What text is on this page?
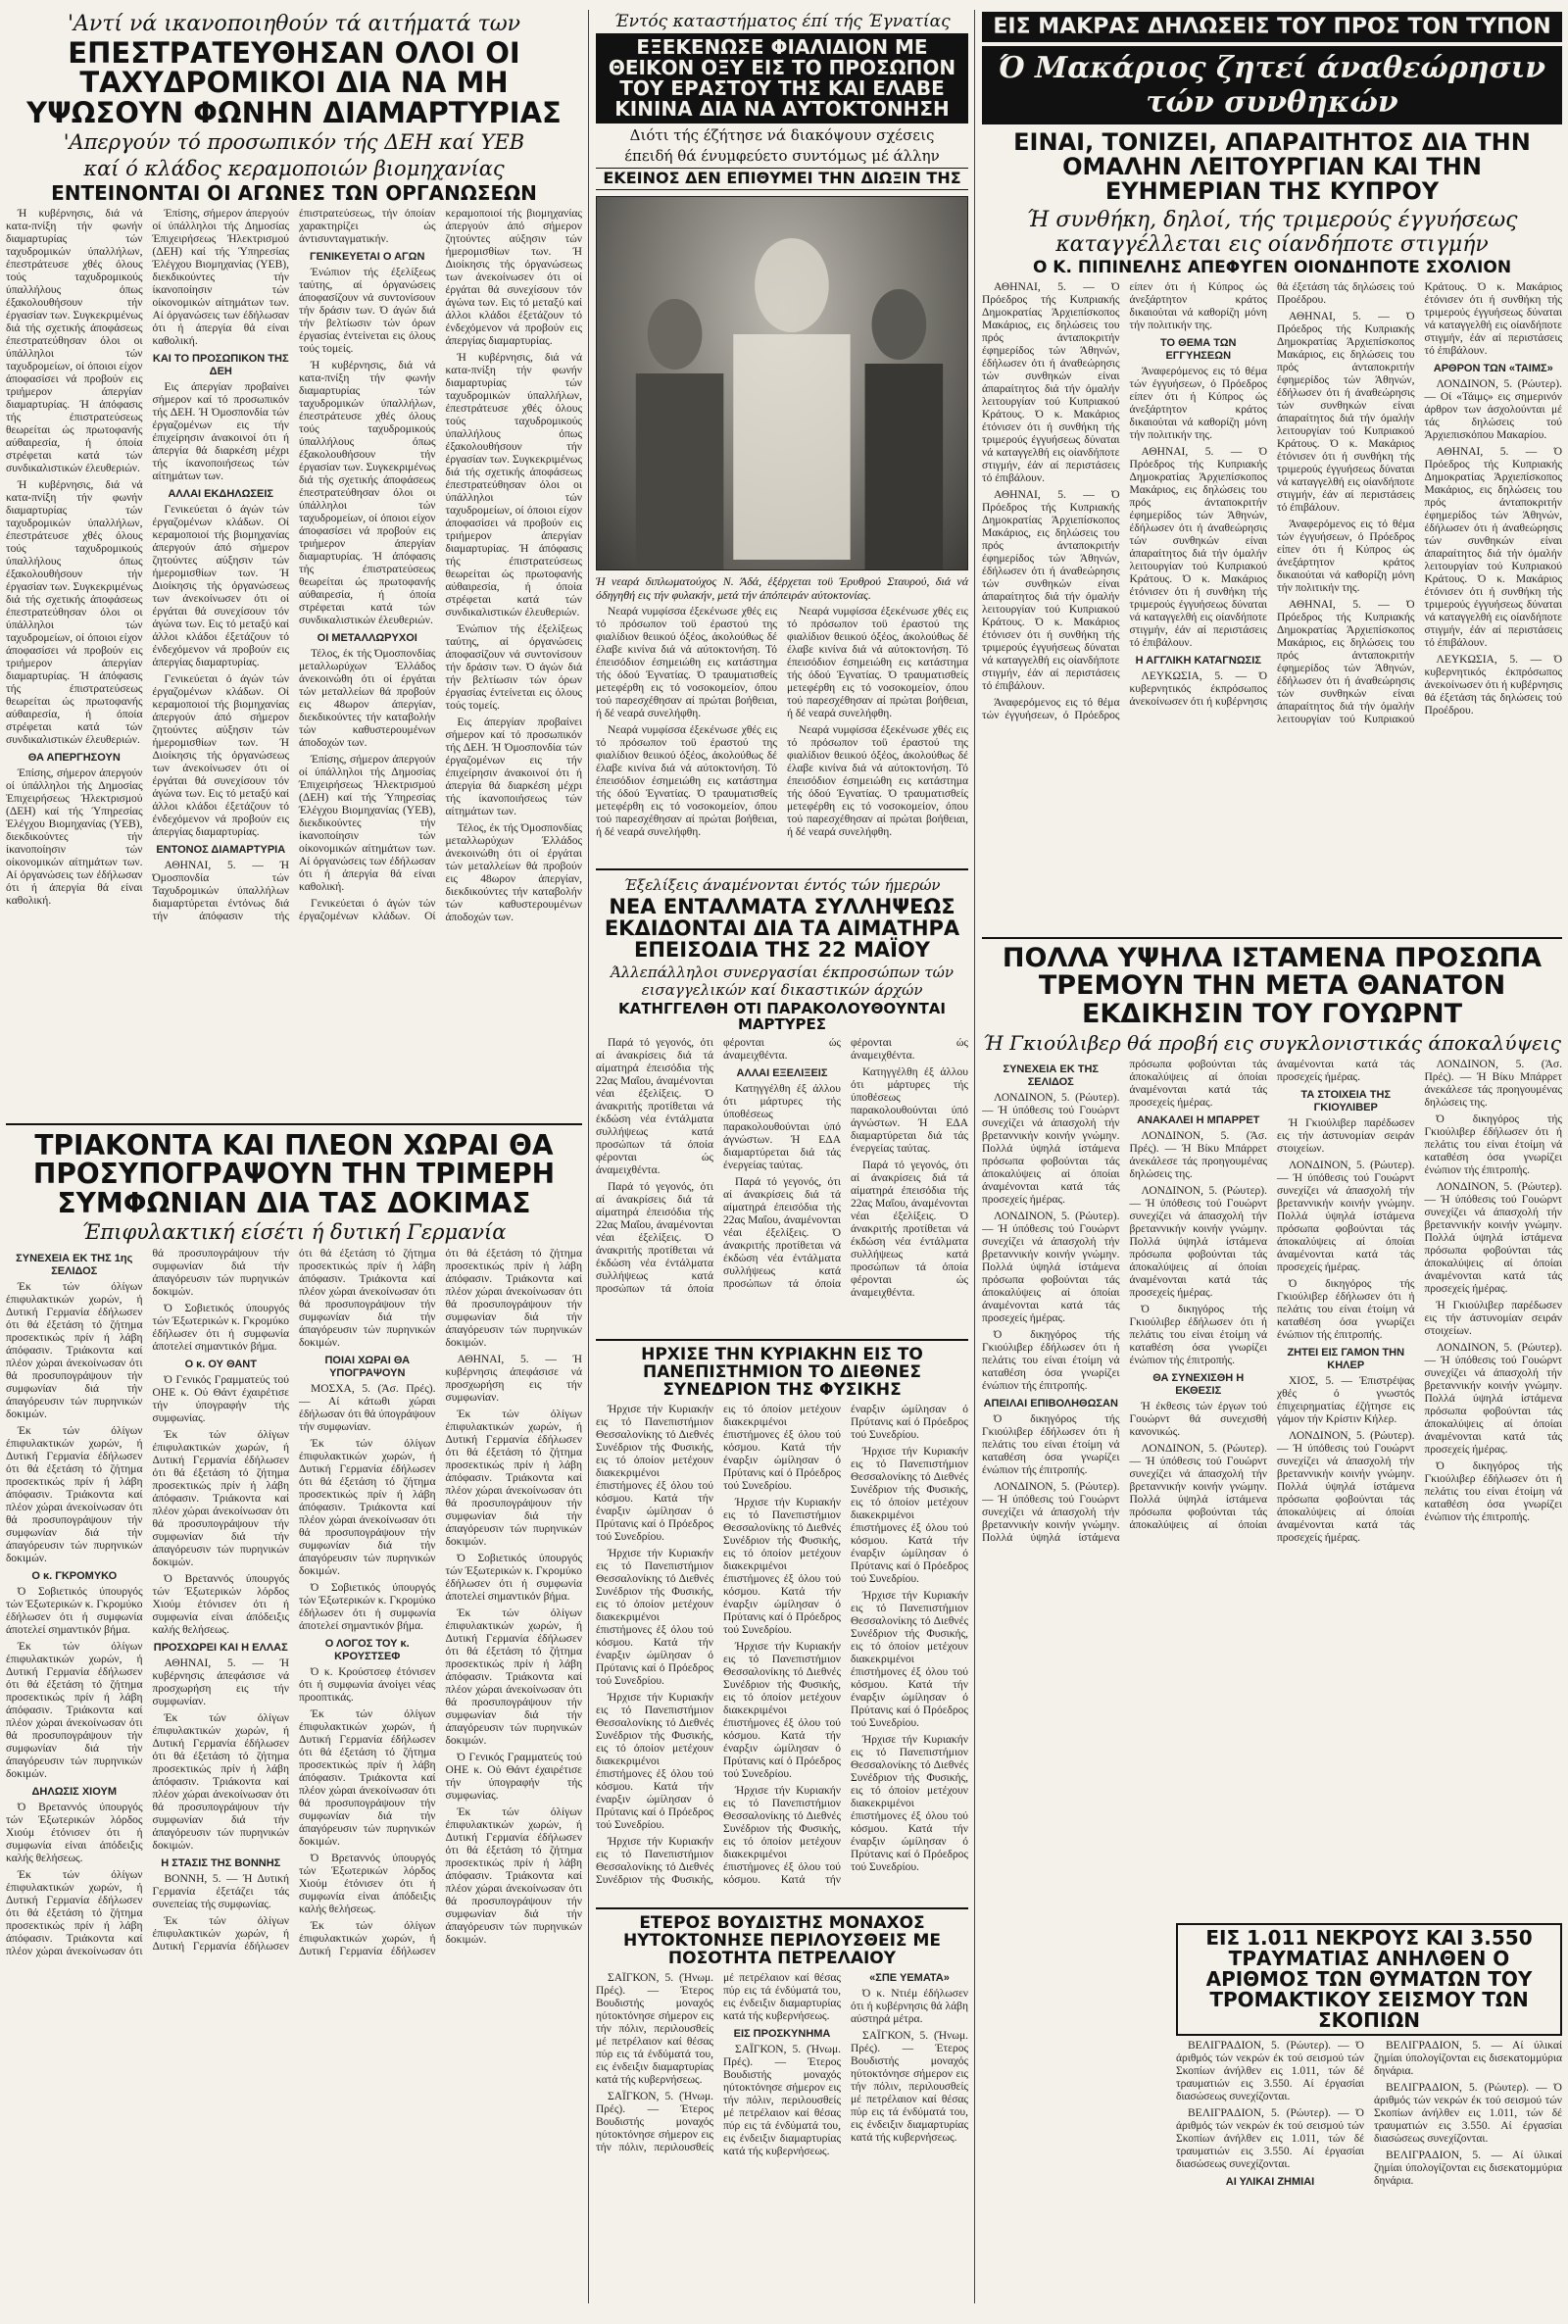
'Αντί νά ικανοποιηθούν τά αιτήματά των
ΕΠΕΣΤΡΑΤΕΥΘΗΣΑΝ ΟΛΟΙ ΟΙ ΤΑΧΥΔΡΟΜΙΚΟΙ ΔΙΑ ΝΑ ΜΗ ΥΨΩΣΟΥΝ ΦΩΝΗΝ ΔΙΑΜΑΡΤΥΡΙΑΣ
'Απεργούν τό προσωπικόν τής ΔΕΗ καί ΥΕΒ
καί ό κλάδος κεραμοποιών βιομηχανίας
ΕΝΤΕΙΝΟΝΤΑΙ ΟΙ ΑΓΩΝΕΣ ΤΩΝ ΟΡΓΑΝΩΣΕΩΝ

Ή κυβέρνησις, διά νά κατα-πνίξη τήν φωνήν διαμαρτυρίας τών ταχυδρομικών ύπαλλήλων, έπεστράτευσε χθές όλους τούς ταχυδρομικούς ύπαλλήλους όπως έξακολουθήσουν τήν έργασίαν των. Συγκεκριμένως διά τής σχετικής άποφάσεως έπεστρατεύθησαν όλοι οι ύπάλληλοι τών ταχυδρομείων, οί όποιοι είχον άποφασίσει νά προβούν εις τριήμερον άπεργίαν διαμαρτυρίας. Ή άπόφασις τής έπιστρατεύσεως θεωρείται ώς πρωτοφανής αύθαιρεσία, ή όποία στρέφεται κατά τών συνδικαλιστικών έλευθεριών.

Ή κυβέρνησις, διά νά κατα-πνίξη τήν φωνήν διαμαρτυρίας τών ταχυδρομικών ύπαλλήλων, έπεστράτευσε χθές όλους τούς ταχυδρομικούς ύπαλλήλους όπως έξακολουθήσουν τήν έργασίαν των. Συγκεκριμένως διά τής σχετικής άποφάσεως έπεστρατεύθησαν όλοι οι ύπάλληλοι τών ταχυδρομείων, οί όποιοι είχον άποφασίσει νά προβούν εις τριήμερον άπεργίαν διαμαρτυρίας. Ή άπόφασις τής έπιστρατεύσεως θεωρείται ώς πρωτοφανής αύθαιρεσία, ή όποία στρέφεται κατά τών συνδικαλιστικών έλευθεριών.

ΘΑ ΑΠΕΡΓΗΣΟΥΝ

Έπίσης, σήμερον άπεργούν οί ύπάλληλοι τής Δημοσίας Έπιχειρήσεως Ήλεκτρισμού (ΔΕΗ) καί τής Ύπηρεσίας Έλέγχου Βιομηχανίας (ΥΕΒ), διεκδικούντες τήν ίκανοποίησιν τών οίκονομικών αίτημάτων των. Αί όργανώσεις των έδήλωσαν ότι ή άπεργία θά είναι καθολική.

Έπίσης, σήμερον άπεργούν οί ύπάλληλοι τής Δημοσίας Έπιχειρήσεως Ήλεκτρισμού (ΔΕΗ) καί τής Ύπηρεσίας Έλέγχου Βιομηχανίας (ΥΕΒ), διεκδικούντες τήν ίκανοποίησιν τών οίκονομικών αίτημάτων των. Αί όργανώσεις των έδήλωσαν ότι ή άπεργία θά είναι καθολική.

ΚΑΙ ΤΟ ΠΡΟΣΩΠΙΚΟΝ ΤΗΣ ΔΕΗ

Εις άπεργίαν προβαίνει σήμερον καί τό προσωπικόν τής ΔΕΗ. Ή Όμοσπονδία τών έργαζομένων εις τήν έπιχείρησιν άνακοινοί ότι ή άπεργία θά διαρκέση μέχρι τής ίκανοποιήσεως τών αίτημάτων των.

ΑΛΛΑΙ ΕΚΔΗΛΩΣΕΙΣ

Γενικεύεται ό άγών τών έργαζομένων κλάδων. Οί κεραμοποιοί τής βιομηχανίας άπεργούν άπό σήμερον ζητούντες αύξησιν τών ήμερομισθίων των. Ή Διοίκησις τής όργανώσεως των άνεκοίνωσεν ότι οί έργάται θά συνεχίσουν τόν άγώνα των. Εις τό μεταξύ καί άλλοι κλάδοι έξετάζουν τό ένδεχόμενον νά προβούν εις άπεργίας διαμαρτυρίας.

Γενικεύεται ό άγών τών έργαζομένων κλάδων. Οί κεραμοποιοί τής βιομηχανίας άπεργούν άπό σήμερον ζητούντες αύξησιν τών ήμερομισθίων των. Ή Διοίκησις τής όργανώσεως των άνεκοίνωσεν ότι οί έργάται θά συνεχίσουν τόν άγώνα των. Εις τό μεταξύ καί άλλοι κλάδοι έξετάζουν τό ένδεχόμενον νά προβούν εις άπεργίας διαμαρτυρίας.

ΕΝΤΟΝΟΣ ΔΙΑΜΑΡΤΥΡΙΑ

ΑΘΗΝΑΙ, 5. — Ή Όμοσπονδία τών Ταχυδρομικών ύπαλλήλων διαμαρτύρεται έντόνως διά τήν άπόφασιν τής έπιστρατεύσεως, τήν όποίαν χαρακτηρίζει ώς άντισυνταγματικήν.

ΓΕΝΙΚΕΥΕΤΑΙ Ο ΑΓΩΝ

Ένώπιον τής έξελίξεως ταύτης, αί όργανώσεις άποφασίζουν νά συντονίσουν τήν δράσιν των. Ό άγών διά τήν βελτίωσιν τών όρων έργασίας έντείνεται εις όλους τούς τομείς.

Ή κυβέρνησις, διά νά κατα-πνίξη τήν φωνήν διαμαρτυρίας τών ταχυδρομικών ύπαλλήλων, έπεστράτευσε χθές όλους τούς ταχυδρομικούς ύπαλλήλους όπως έξακολουθήσουν τήν έργασίαν των. Συγκεκριμένως διά τής σχετικής άποφάσεως έπεστρατεύθησαν όλοι οι ύπάλληλοι τών ταχυδρομείων, οί όποιοι είχον άποφασίσει νά προβούν εις τριήμερον άπεργίαν διαμαρτυρίας. Ή άπόφασις τής έπιστρατεύσεως θεωρείται ώς πρωτοφανής αύθαιρεσία, ή όποία στρέφεται κατά τών συνδικαλιστικών έλευθεριών.

ΟΙ ΜΕΤΑΛΛΩΡΥΧΟΙ

Τέλος, έκ τής Όμοσπονδίας μεταλλωρύχων Έλλάδος άνεκοινώθη ότι οί έργάται τών μεταλλείων θά προβούν εις 48ωρον άπεργίαν, διεκδικούντες τήν καταβολήν τών καθυστερουμένων άποδοχών των.

Έπίσης, σήμερον άπεργούν οί ύπάλληλοι τής Δημοσίας Έπιχειρήσεως Ήλεκτρισμού (ΔΕΗ) καί τής Ύπηρεσίας Έλέγχου Βιομηχανίας (ΥΕΒ), διεκδικούντες τήν ίκανοποίησιν τών οίκονομικών αίτημάτων των. Αί όργανώσεις των έδήλωσαν ότι ή άπεργία θά είναι καθολική.

Γενικεύεται ό άγών τών έργαζομένων κλάδων. Οί κεραμοποιοί τής βιομηχανίας άπεργούν άπό σήμερον ζητούντες αύξησιν τών ήμερομισθίων των. Ή Διοίκησις τής όργανώσεως των άνεκοίνωσεν ότι οί έργάται θά συνεχίσουν τόν άγώνα των. Εις τό μεταξύ καί άλλοι κλάδοι έξετάζουν τό ένδεχόμενον νά προβούν εις άπεργίας διαμαρτυρίας.

Ή κυβέρνησις, διά νά κατα-πνίξη τήν φωνήν διαμαρτυρίας τών ταχυδρομικών ύπαλλήλων, έπεστράτευσε χθές όλους τούς ταχυδρομικούς ύπαλλήλους όπως έξακολουθήσουν τήν έργασίαν των. Συγκεκριμένως διά τής σχετικής άποφάσεως έπεστρατεύθησαν όλοι οι ύπάλληλοι τών ταχυδρομείων, οί όποιοι είχον άποφασίσει νά προβούν εις τριήμερον άπεργίαν διαμαρτυρίας. Ή άπόφασις τής έπιστρατεύσεως θεωρείται ώς πρωτοφανής αύθαιρεσία, ή όποία στρέφεται κατά τών συνδικαλιστικών έλευθεριών.

Ένώπιον τής έξελίξεως ταύτης, αί όργανώσεις άποφασίζουν νά συντονίσουν τήν δράσιν των. Ό άγών διά τήν βελτίωσιν τών όρων έργασίας έντείνεται εις όλους τούς τομείς.

Εις άπεργίαν προβαίνει σήμερον καί τό προσωπικόν τής ΔΕΗ. Ή Όμοσπονδία τών έργαζομένων εις τήν έπιχείρησιν άνακοινοί ότι ή άπεργία θά διαρκέση μέχρι τής ίκανοποιήσεως τών αίτημάτων των.

Τέλος, έκ τής Όμοσπονδίας μεταλλωρύχων Έλλάδος άνεκοινώθη ότι οί έργάται τών μεταλλείων θά προβούν εις 48ωρον άπεργίαν, διεκδικούντες τήν καταβολήν τών καθυστερουμένων άποδοχών των.

Έντός καταστήματος έπί τής Έγνατίας
ΕΞΕΚΕΝΩΣΕ ΦΙΑΛΙΔΙΟΝ ΜΕ ΘΕΙΚΟΝ ΟΞΥ ΕΙΣ ΤΟ ΠΡΟΣΩΠΟΝ ΤΟΥ ΕΡΑΣΤΟΥ ΤΗΣ ΚΑΙ ΕΛΑΒΕ ΚΙΝΙΝΑ ΔΙΑ ΝΑ ΑΥΤΟΚΤΟΝΗΣΗ
Διότι τής έζήτησε νά διακόψουν σχέσεις
έπειδή θά ένυμφεύετο συντόμως μέ άλλην
ΕΚΕΙΝΟΣ ΔΕΝ ΕΠΙΘΥΜΕΙ ΤΗΝ ΔΙΩΞΙΝ ΤΗΣ
Ή νεαρά διπλωματούχος Ν. Άδά, έξέρχεται τοϋ Έρυθρού Σταυρού, διά νά όδηγηθή εις τήν φυλακήν, μετά τήν άπόπειράν αύτοκτονίας.

Νεαρά νυμφίσσα έξεκένωσε χθές εις τό πρόσωπον τοϋ έραστού της φιαλίδιον θειικού όξέος, άκολούθως δέ έλαβε κινίνα διά νά αύτοκτονήση. Τό έπεισόδιον έσημειώθη εις κατάστημα τής όδού Έγνατίας. Ό τραυματισθείς μετεφέρθη εις τό νοσοκομείον, όπου τού παρεσχέθησαν αί πρώται βοήθειαι, ή δέ νεαρά συνελήφθη.

Νεαρά νυμφίσσα έξεκένωσε χθές εις τό πρόσωπον τοϋ έραστού της φιαλίδιον θειικού όξέος, άκολούθως δέ έλαβε κινίνα διά νά αύτοκτονήση. Τό έπεισόδιον έσημειώθη εις κατάστημα τής όδού Έγνατίας. Ό τραυματισθείς μετεφέρθη εις τό νοσοκομείον, όπου τού παρεσχέθησαν αί πρώται βοήθειαι, ή δέ νεαρά συνελήφθη.

Νεαρά νυμφίσσα έξεκένωσε χθές εις τό πρόσωπον τοϋ έραστού της φιαλίδιον θειικού όξέος, άκολούθως δέ έλαβε κινίνα διά νά αύτοκτονήση. Τό έπεισόδιον έσημειώθη εις κατάστημα τής όδού Έγνατίας. Ό τραυματισθείς μετεφέρθη εις τό νοσοκομείον, όπου τού παρεσχέθησαν αί πρώται βοήθειαι, ή δέ νεαρά συνελήφθη.

Νεαρά νυμφίσσα έξεκένωσε χθές εις τό πρόσωπον τοϋ έραστού της φιαλίδιον θειικού όξέος, άκολούθως δέ έλαβε κινίνα διά νά αύτοκτονήση. Τό έπεισόδιον έσημειώθη εις κατάστημα τής όδού Έγνατίας. Ό τραυματισθείς μετεφέρθη εις τό νοσοκομείον, όπου τού παρεσχέθησαν αί πρώται βοήθειαι, ή δέ νεαρά συνελήφθη.

ΕΙΣ ΜΑΚΡΑΣ ΔΗΛΩΣΕΙΣ ΤΟΥ ΠΡΟΣ ΤΟΝ ΤΥΠΟΝ
Ό Μακάριος ζητεί άναθεώρησιν τών συνθηκών
ΕΙΝΑΙ, ΤΟΝΙΖΕΙ, ΑΠΑΡΑΙΤΗΤΟΣ ΔΙΑ ΤΗΝ ΟΜΑΛΗΝ ΛΕΙΤΟΥΡΓΙΑΝ ΚΑΙ ΤΗΝ ΕΥΗΜΕΡΙΑΝ ΤΗΣ ΚΥΠΡΟΥ
Ή συνθήκη, δηλοί, τής τριμερούς έγγυήσεως καταγγέλλεται εις οίανδήποτε στιγμήν
Ο Κ. ΠΙΠΙΝΕΛΗΣ ΑΠΕΦΥΓΕΝ ΟΙΟΝΔΗΠΟΤΕ ΣΧΟΛΙΟΝ

ΑΘΗΝΑΙ, 5. — Ό Πρόεδρος τής Κυπριακής Δημοκρατίας Άρχιεπίσκοπος Μακάριος, εις δηλώσεις του πρός άνταποκριτήν έφημερίδος τών Άθηνών, έδήλωσεν ότι ή άναθεώρησις τών συνθηκών είναι άπαραίτητος διά τήν όμαλήν λειτουργίαν τού Κυπριακού Κράτους. Ό κ. Μακάριος έτόνισεν ότι ή συνθήκη τής τριμερούς έγγυήσεως δύναται νά καταγγελθή εις οίανδήποτε στιγμήν, έάν αί περιστάσεις τό έπιβάλουν.

ΑΘΗΝΑΙ, 5. — Ό Πρόεδρος τής Κυπριακής Δημοκρατίας Άρχιεπίσκοπος Μακάριος, εις δηλώσεις του πρός άνταποκριτήν έφημερίδος τών Άθηνών, έδήλωσεν ότι ή άναθεώρησις τών συνθηκών είναι άπαραίτητος διά τήν όμαλήν λειτουργίαν τού Κυπριακού Κράτους. Ό κ. Μακάριος έτόνισεν ότι ή συνθήκη τής τριμερούς έγγυήσεως δύναται νά καταγγελθή εις οίανδήποτε στιγμήν, έάν αί περιστάσεις τό έπιβάλουν.

Άναφερόμενος εις τό θέμα τών έγγυήσεων, ό Πρόεδρος είπεν ότι ή Κύπρος ώς άνεξάρτητον κράτος δικαιούται νά καθορίζη μόνη τήν πολιτικήν της.

ΤΟ ΘΕΜΑ ΤΩΝ ΕΓΓΥΗΣΕΩΝ

Άναφερόμενος εις τό θέμα τών έγγυήσεων, ό Πρόεδρος είπεν ότι ή Κύπρος ώς άνεξάρτητον κράτος δικαιούται νά καθορίζη μόνη τήν πολιτικήν της.

ΑΘΗΝΑΙ, 5. — Ό Πρόεδρος τής Κυπριακής Δημοκρατίας Άρχιεπίσκοπος Μακάριος, εις δηλώσεις του πρός άνταποκριτήν έφημερίδος τών Άθηνών, έδήλωσεν ότι ή άναθεώρησις τών συνθηκών είναι άπαραίτητος διά τήν όμαλήν λειτουργίαν τού Κυπριακού Κράτους. Ό κ. Μακάριος έτόνισεν ότι ή συνθήκη τής τριμερούς έγγυήσεως δύναται νά καταγγελθή εις οίανδήποτε στιγμήν, έάν αί περιστάσεις τό έπιβάλουν.

Η ΑΓΓΛΙΚΗ ΚΑΤΑΓΝΩΣΙΣ

ΛΕΥΚΩΣΙΑ, 5. — Ό κυβερνητικός έκπρόσωπος άνεκοίνωσεν ότι ή κυβέρνησις θά έξετάση τάς δηλώσεις τού Προέδρου.

ΑΘΗΝΑΙ, 5. — Ό Πρόεδρος τής Κυπριακής Δημοκρατίας Άρχιεπίσκοπος Μακάριος, εις δηλώσεις του πρός άνταποκριτήν έφημερίδος τών Άθηνών, έδήλωσεν ότι ή άναθεώρησις τών συνθηκών είναι άπαραίτητος διά τήν όμαλήν λειτουργίαν τού Κυπριακού Κράτους. Ό κ. Μακάριος έτόνισεν ότι ή συνθήκη τής τριμερούς έγγυήσεως δύναται νά καταγγελθή εις οίανδήποτε στιγμήν, έάν αί περιστάσεις τό έπιβάλουν.

Άναφερόμενος εις τό θέμα τών έγγυήσεων, ό Πρόεδρος είπεν ότι ή Κύπρος ώς άνεξάρτητον κράτος δικαιούται νά καθορίζη μόνη τήν πολιτικήν της.

ΑΘΗΝΑΙ, 5. — Ό Πρόεδρος τής Κυπριακής Δημοκρατίας Άρχιεπίσκοπος Μακάριος, εις δηλώσεις του πρός άνταποκριτήν έφημερίδος τών Άθηνών, έδήλωσεν ότι ή άναθεώρησις τών συνθηκών είναι άπαραίτητος διά τήν όμαλήν λειτουργίαν τού Κυπριακού Κράτους. Ό κ. Μακάριος έτόνισεν ότι ή συνθήκη τής τριμερούς έγγυήσεως δύναται νά καταγγελθή εις οίανδήποτε στιγμήν, έάν αί περιστάσεις τό έπιβάλουν.

ΑΡΘΡΟΝ ΤΩΝ «ΤΑΙΜΣ»

ΛΟΝΔΙΝΟΝ, 5. (Ρώυτερ). — Οί «Τάιμς» εις σημερινόν άρθρον των άσχολούνται μέ τάς δηλώσεις τού Άρχιεπισκόπου Μακαρίου.

ΑΘΗΝΑΙ, 5. — Ό Πρόεδρος τής Κυπριακής Δημοκρατίας Άρχιεπίσκοπος Μακάριος, εις δηλώσεις του πρός άνταποκριτήν έφημερίδος τών Άθηνών, έδήλωσεν ότι ή άναθεώρησις τών συνθηκών είναι άπαραίτητος διά τήν όμαλήν λειτουργίαν τού Κυπριακού Κράτους. Ό κ. Μακάριος έτόνισεν ότι ή συνθήκη τής τριμερούς έγγυήσεως δύναται νά καταγγελθή εις οίανδήποτε στιγμήν, έάν αί περιστάσεις τό έπιβάλουν.

ΛΕΥΚΩΣΙΑ, 5. — Ό κυβερνητικός έκπρόσωπος άνεκοίνωσεν ότι ή κυβέρνησις θά έξετάση τάς δηλώσεις τού Προέδρου.

ΠΟΛΛΑ ΥΨΗΛΑ ΙΣΤΑΜΕΝΑ ΠΡΟΣΩΠΑ ΤΡΕΜΟΥΝ ΤΗΝ ΜΕΤΑ ΘΑΝΑΤΟΝ ΕΚΔΙΚΗΣΙΝ ΤΟΥ ΓΟΥΩΡΝΤ
Ή Γκιούλιβερ θά προβή εις συγκλονιστικάς άποκαλύψεις
ΣΥΝΕΧΕΙΑ ΕΚ ΤΗΣ ΣΕΛΙΔΟΣ

ΛΟΝΔΙΝΟΝ, 5. (Ρώυτερ). — Ή ύπόθεσις τού Γουώρντ συνεχίζει νά άπασχολή τήν βρεταννικήν κοινήν γνώμην. Πολλά ύψηλά ίστάμενα πρόσωπα φοβούνται τάς άποκαλύψεις αί όποίαι άναμένονται κατά τάς προσεχείς ήμέρας.

ΛΟΝΔΙΝΟΝ, 5. (Ρώυτερ). — Ή ύπόθεσις τού Γουώρντ συνεχίζει νά άπασχολή τήν βρεταννικήν κοινήν γνώμην. Πολλά ύψηλά ίστάμενα πρόσωπα φοβούνται τάς άποκαλύψεις αί όποίαι άναμένονται κατά τάς προσεχείς ήμέρας.

Ό δικηγόρος τής Γκιούλιβερ έδήλωσεν ότι ή πελάτις του είναι έτοίμη νά καταθέση όσα γνωρίζει ένώπιον τής έπιτροπής.

ΑΠΕΙΛΑΙ ΕΠΙΒΟΛΗΘΩΣΑΝ

Ό δικηγόρος τής Γκιούλιβερ έδήλωσεν ότι ή πελάτις του είναι έτοίμη νά καταθέση όσα γνωρίζει ένώπιον τής έπιτροπής.

ΛΟΝΔΙΝΟΝ, 5. (Ρώυτερ). — Ή ύπόθεσις τού Γουώρντ συνεχίζει νά άπασχολή τήν βρεταννικήν κοινήν γνώμην. Πολλά ύψηλά ίστάμενα πρόσωπα φοβούνται τάς άποκαλύψεις αί όποίαι άναμένονται κατά τάς προσεχείς ήμέρας.

ΑΝΑΚΑΛΕΙ Η ΜΠΑΡΡΕΤ

ΛΟΝΔΙΝΟΝ, 5. (Άσ. Πρές). — Ή Βίκυ Μπάρρετ άνεκάλεσε τάς προηγουμένας δηλώσεις της.

ΛΟΝΔΙΝΟΝ, 5. (Ρώυτερ). — Ή ύπόθεσις τού Γουώρντ συνεχίζει νά άπασχολή τήν βρεταννικήν κοινήν γνώμην. Πολλά ύψηλά ίστάμενα πρόσωπα φοβούνται τάς άποκαλύψεις αί όποίαι άναμένονται κατά τάς προσεχείς ήμέρας.

Ό δικηγόρος τής Γκιούλιβερ έδήλωσεν ότι ή πελάτις του είναι έτοίμη νά καταθέση όσα γνωρίζει ένώπιον τής έπιτροπής.

ΘΑ ΣΥΝΕΧΙΣΘΗ Η ΕΚΘΕΣΙΣ

Ή έκθεσις τών έργων τού Γουώρντ θά συνεχισθή κανονικώς.

ΛΟΝΔΙΝΟΝ, 5. (Ρώυτερ). — Ή ύπόθεσις τού Γουώρντ συνεχίζει νά άπασχολή τήν βρεταννικήν κοινήν γνώμην. Πολλά ύψηλά ίστάμενα πρόσωπα φοβούνται τάς άποκαλύψεις αί όποίαι άναμένονται κατά τάς προσεχείς ήμέρας.

ΤΑ ΣΤΟΙΧΕΙΑ ΤΗΣ ΓΚΙΟΥΛΙΒΕΡ

Ή Γκιούλιβερ παρέδωσεν εις τήν άστυνομίαν σειράν στοιχείων.

ΛΟΝΔΙΝΟΝ, 5. (Ρώυτερ). — Ή ύπόθεσις τού Γουώρντ συνεχίζει νά άπασχολή τήν βρεταννικήν κοινήν γνώμην. Πολλά ύψηλά ίστάμενα πρόσωπα φοβούνται τάς άποκαλύψεις αί όποίαι άναμένονται κατά τάς προσεχείς ήμέρας.

Ό δικηγόρος τής Γκιούλιβερ έδήλωσεν ότι ή πελάτις του είναι έτοίμη νά καταθέση όσα γνωρίζει ένώπιον τής έπιτροπής.

ΖΗΤΕΙ ΕΙΣ ΓΑΜΟΝ ΤΗΝ ΚΗΛΕΡ

ΧΙΟΣ, 5. — Έπιστρέψας χθές ό γνωστός έπιχειρηματίας έζήτησε εις γάμον τήν Κρίστιν Κήλερ.

ΛΟΝΔΙΝΟΝ, 5. (Ρώυτερ). — Ή ύπόθεσις τού Γουώρντ συνεχίζει νά άπασχολή τήν βρεταννικήν κοινήν γνώμην. Πολλά ύψηλά ίστάμενα πρόσωπα φοβούνται τάς άποκαλύψεις αί όποίαι άναμένονται κατά τάς προσεχείς ήμέρας.

ΛΟΝΔΙΝΟΝ, 5. (Άσ. Πρές). — Ή Βίκυ Μπάρρετ άνεκάλεσε τάς προηγουμένας δηλώσεις της.

Ό δικηγόρος τής Γκιούλιβερ έδήλωσεν ότι ή πελάτις του είναι έτοίμη νά καταθέση όσα γνωρίζει ένώπιον τής έπιτροπής.

ΛΟΝΔΙΝΟΝ, 5. (Ρώυτερ). — Ή ύπόθεσις τού Γουώρντ συνεχίζει νά άπασχολή τήν βρεταννικήν κοινήν γνώμην. Πολλά ύψηλά ίστάμενα πρόσωπα φοβούνται τάς άποκαλύψεις αί όποίαι άναμένονται κατά τάς προσεχείς ήμέρας.

Ή Γκιούλιβερ παρέδωσεν εις τήν άστυνομίαν σειράν στοιχείων.

ΛΟΝΔΙΝΟΝ, 5. (Ρώυτερ). — Ή ύπόθεσις τού Γουώρντ συνεχίζει νά άπασχολή τήν βρεταννικήν κοινήν γνώμην. Πολλά ύψηλά ίστάμενα πρόσωπα φοβούνται τάς άποκαλύψεις αί όποίαι άναμένονται κατά τάς προσεχείς ήμέρας.

Ό δικηγόρος τής Γκιούλιβερ έδήλωσεν ότι ή πελάτις του είναι έτοίμη νά καταθέση όσα γνωρίζει ένώπιον τής έπιτροπής.

ΕΙΣ 1.011 ΝΕΚΡΟΥΣ ΚΑΙ 3.550 ΤΡΑΥΜΑΤΙΑΣ ΑΝΗΛΘΕΝ Ο ΑΡΙΘΜΟΣ ΤΩΝ ΘΥΜΑΤΩΝ ΤΟΥ ΤΡΟΜΑΚΤΙΚΟΥ ΣΕΙΣΜΟΥ ΤΩΝ ΣΚΟΠΙΩΝ

ΒΕΛΙΓΡΑΔΙΟΝ, 5. (Ρώυτερ). — Ό άριθμός τών νεκρών έκ τού σεισμού τών Σκοπίων άνήλθεν εις 1.011, τών δέ τραυματιών εις 3.550. Αί έργασίαι διασώσεως συνεχίζονται.

ΒΕΛΙΓΡΑΔΙΟΝ, 5. (Ρώυτερ). — Ό άριθμός τών νεκρών έκ τού σεισμού τών Σκοπίων άνήλθεν εις 1.011, τών δέ τραυματιών εις 3.550. Αί έργασίαι διασώσεως συνεχίζονται.

ΑΙ ΥΛΙΚΑΙ ΖΗΜΙΑΙ

ΒΕΛΙΓΡΑΔΙΟΝ, 5. — Αί ύλικαί ζημίαι ύπολογίζονται εις δισεκατομμύρια δηνάρια.

ΒΕΛΙΓΡΑΔΙΟΝ, 5. (Ρώυτερ). — Ό άριθμός τών νεκρών έκ τού σεισμού τών Σκοπίων άνήλθεν εις 1.011, τών δέ τραυματιών εις 3.550. Αί έργασίαι διασώσεως συνεχίζονται.

ΒΕΛΙΓΡΑΔΙΟΝ, 5. — Αί ύλικαί ζημίαι ύπολογίζονται εις δισεκατομμύρια δηνάρια.

Έξελίξεις άναμένονται έντός τών ήμερών
ΝΕΑ ΕΝΤΑΛΜΑΤΑ ΣΥΛΛΗΨΕΩΣ ΕΚΔΙΔΟΝΤΑΙ ΔΙΑ ΤΑ ΑΙΜΑΤΗΡΑ ΕΠΕΙΣΟΔΙΑ ΤΗΣ 22 ΜΑΪΟΥ
Άλλεπάλληλοι συνεργασίαι έκπροσώπων τών εισαγγελικών καί δικαστικών άρχών
ΚΑΤΗΓΓΕΛΘΗ ΟΤΙ ΠΑΡΑΚΟΛΟΥΘΟΥΝΤΑΙ ΜΑΡΤΥΡΕΣ

Παρά τό γεγονός, ότι αί άνακρίσεις διά τά αίματηρά έπεισόδια τής 22ας Μαΐου, άναμένονται νέαι έξελίξεις. Ό άνακριτής προτίθεται νά έκδώση νέα έντάλματα συλλήψεως κατά προσώπων τά όποία φέρονται ώς άναμειχθέντα.

Παρά τό γεγονός, ότι αί άνακρίσεις διά τά αίματηρά έπεισόδια τής 22ας Μαΐου, άναμένονται νέαι έξελίξεις. Ό άνακριτής προτίθεται νά έκδώση νέα έντάλματα συλλήψεως κατά προσώπων τά όποία φέρονται ώς άναμειχθέντα.

ΑΛΛΑΙ ΕΞΕΛΙΞΕΙΣ

Κατηγγέλθη έξ άλλου ότι μάρτυρες τής ύποθέσεως παρακολουθούνται ύπό άγνώστων. Ή ΕΔΑ διαμαρτύρεται διά τάς ένεργείας ταύτας.

Παρά τό γεγονός, ότι αί άνακρίσεις διά τά αίματηρά έπεισόδια τής 22ας Μαΐου, άναμένονται νέαι έξελίξεις. Ό άνακριτής προτίθεται νά έκδώση νέα έντάλματα συλλήψεως κατά προσώπων τά όποία φέρονται ώς άναμειχθέντα.

Κατηγγέλθη έξ άλλου ότι μάρτυρες τής ύποθέσεως παρακολουθούνται ύπό άγνώστων. Ή ΕΔΑ διαμαρτύρεται διά τάς ένεργείας ταύτας.

Παρά τό γεγονός, ότι αί άνακρίσεις διά τά αίματηρά έπεισόδια τής 22ας Μαΐου, άναμένονται νέαι έξελίξεις. Ό άνακριτής προτίθεται νά έκδώση νέα έντάλματα συλλήψεως κατά προσώπων τά όποία φέρονται ώς άναμειχθέντα.

ΗΡΧΙΣΕ ΤΗΝ ΚΥΡΙΑΚΗΝ ΕΙΣ ΤΟ ΠΑΝΕΠΙΣΤΗΜΙΟΝ ΤΟ ΔΙΕΘΝΕΣ ΣΥΝΕΔΡΙΟΝ ΤΗΣ ΦΥΣΙΚΗΣ

Ήρχισε τήν Κυριακήν εις τό Πανεπιστήμιον Θεσσαλονίκης τό Διεθνές Συνέδριον τής Φυσικής, εις τό όποίον μετέχουν διακεκριμένοι έπιστήμονες έξ όλου τού κόσμου. Κατά τήν έναρξιν ώμίλησαν ό Πρύτανις καί ό Πρόεδρος τού Συνεδρίου.

Ήρχισε τήν Κυριακήν εις τό Πανεπιστήμιον Θεσσαλονίκης τό Διεθνές Συνέδριον τής Φυσικής, εις τό όποίον μετέχουν διακεκριμένοι έπιστήμονες έξ όλου τού κόσμου. Κατά τήν έναρξιν ώμίλησαν ό Πρύτανις καί ό Πρόεδρος τού Συνεδρίου.

Ήρχισε τήν Κυριακήν εις τό Πανεπιστήμιον Θεσσαλονίκης τό Διεθνές Συνέδριον τής Φυσικής, εις τό όποίον μετέχουν διακεκριμένοι έπιστήμονες έξ όλου τού κόσμου. Κατά τήν έναρξιν ώμίλησαν ό Πρύτανις καί ό Πρόεδρος τού Συνεδρίου.

Ήρχισε τήν Κυριακήν εις τό Πανεπιστήμιον Θεσσαλονίκης τό Διεθνές Συνέδριον τής Φυσικής, εις τό όποίον μετέχουν διακεκριμένοι έπιστήμονες έξ όλου τού κόσμου. Κατά τήν έναρξιν ώμίλησαν ό Πρύτανις καί ό Πρόεδρος τού Συνεδρίου.

Ήρχισε τήν Κυριακήν εις τό Πανεπιστήμιον Θεσσαλονίκης τό Διεθνές Συνέδριον τής Φυσικής, εις τό όποίον μετέχουν διακεκριμένοι έπιστήμονες έξ όλου τού κόσμου. Κατά τήν έναρξιν ώμίλησαν ό Πρύτανις καί ό Πρόεδρος τού Συνεδρίου.

Ήρχισε τήν Κυριακήν εις τό Πανεπιστήμιον Θεσσαλονίκης τό Διεθνές Συνέδριον τής Φυσικής, εις τό όποίον μετέχουν διακεκριμένοι έπιστήμονες έξ όλου τού κόσμου. Κατά τήν έναρξιν ώμίλησαν ό Πρύτανις καί ό Πρόεδρος τού Συνεδρίου.

Ήρχισε τήν Κυριακήν εις τό Πανεπιστήμιον Θεσσαλονίκης τό Διεθνές Συνέδριον τής Φυσικής, εις τό όποίον μετέχουν διακεκριμένοι έπιστήμονες έξ όλου τού κόσμου. Κατά τήν έναρξιν ώμίλησαν ό Πρύτανις καί ό Πρόεδρος τού Συνεδρίου.

Ήρχισε τήν Κυριακήν εις τό Πανεπιστήμιον Θεσσαλονίκης τό Διεθνές Συνέδριον τής Φυσικής, εις τό όποίον μετέχουν διακεκριμένοι έπιστήμονες έξ όλου τού κόσμου. Κατά τήν έναρξιν ώμίλησαν ό Πρύτανις καί ό Πρόεδρος τού Συνεδρίου.

Ήρχισε τήν Κυριακήν εις τό Πανεπιστήμιον Θεσσαλονίκης τό Διεθνές Συνέδριον τής Φυσικής, εις τό όποίον μετέχουν διακεκριμένοι έπιστήμονες έξ όλου τού κόσμου. Κατά τήν έναρξιν ώμίλησαν ό Πρύτανις καί ό Πρόεδρος τού Συνεδρίου.

Ήρχισε τήν Κυριακήν εις τό Πανεπιστήμιον Θεσσαλονίκης τό Διεθνές Συνέδριον τής Φυσικής, εις τό όποίον μετέχουν διακεκριμένοι έπιστήμονες έξ όλου τού κόσμου. Κατά τήν έναρξιν ώμίλησαν ό Πρύτανις καί ό Πρόεδρος τού Συνεδρίου.

ΕΤΕΡΟΣ ΒΟΥΔΙΣΤΗΣ ΜΟΝΑΧΟΣ ΗΥΤΟΚΤΟΝΗΣΕ ΠΕΡΙΛΟΥΣΘΕΙΣ ΜΕ ΠΟΣΟΤΗΤΑ ΠΕΤΡΕΛΑΙΟΥ

ΣΑΪΓΚΟΝ, 5. (Ήνωμ. Πρές). — Έτερος Βουδιστής μοναχός ηύτοκτόνησε σήμερον εις τήν πόλιν, περιλουσθείς μέ πετρέλαιον καί θέσας πύρ εις τά ένδύματά του, εις ένδειξιν διαμαρτυρίας κατά τής κυβερνήσεως.

ΣΑΪΓΚΟΝ, 5. (Ήνωμ. Πρές). — Έτερος Βουδιστής μοναχός ηύτοκτόνησε σήμερον εις τήν πόλιν, περιλουσθείς μέ πετρέλαιον καί θέσας πύρ εις τά ένδύματά του, εις ένδειξιν διαμαρτυρίας κατά τής κυβερνήσεως.

ΕΙΣ ΠΡΟΣΚΥΝΗΜΑ

ΣΑΪΓΚΟΝ, 5. (Ήνωμ. Πρές). — Έτερος Βουδιστής μοναχός ηύτοκτόνησε σήμερον εις τήν πόλιν, περιλουσθείς μέ πετρέλαιον καί θέσας πύρ εις τά ένδύματά του, εις ένδειξιν διαμαρτυρίας κατά τής κυβερνήσεως.

«ΣΠΕ ΥΕΜΑΤΑ»

Ό κ. Ντιέμ έδήλωσεν ότι ή κυβέρνησις θά λάβη αύστηρά μέτρα.

ΣΑΪΓΚΟΝ, 5. (Ήνωμ. Πρές). — Έτερος Βουδιστής μοναχός ηύτοκτόνησε σήμερον εις τήν πόλιν, περιλουσθείς μέ πετρέλαιον καί θέσας πύρ εις τά ένδύματά του, εις ένδειξιν διαμαρτυρίας κατά τής κυβερνήσεως.

ΤΡΙΑΚΟΝΤΑ ΚΑΙ ΠΛΕΟΝ ΧΩΡΑΙ ΘΑ ΠΡΟΣΥΠΟΓΡΑΨΟΥΝ ΤΗΝ ΤΡΙΜΕΡΗ ΣΥΜΦΩΝΙΑΝ ΔΙΑ ΤΑΣ ΔΟΚΙΜΑΣ
Έπιφυλακτική είσέτι ή δυτική Γερμανία
ΣΥΝΕΧΕΙΑ ΕΚ ΤΗΣ 1ης ΣΕΛΙΔΟΣ

Έκ τών όλίγων έπιφυλακτικών χωρών, ή Δυτική Γερμανία έδήλωσεν ότι θά έξετάση τό ζήτημα προσεκτικώς πρίν ή λάβη άπόφασιν. Τριάκοντα καί πλέον χώραι άνεκοίνωσαν ότι θά προσυπογράψουν τήν συμφωνίαν διά τήν άπαγόρευσιν τών πυρηνικών δοκιμών.

Έκ τών όλίγων έπιφυλακτικών χωρών, ή Δυτική Γερμανία έδήλωσεν ότι θά έξετάση τό ζήτημα προσεκτικώς πρίν ή λάβη άπόφασιν. Τριάκοντα καί πλέον χώραι άνεκοίνωσαν ότι θά προσυπογράψουν τήν συμφωνίαν διά τήν άπαγόρευσιν τών πυρηνικών δοκιμών.

Ο κ. ΓΚΡΟΜΥΚΟ

Ό Σοβιετικός ύπουργός τών Έξωτερικών κ. Γκρομύκο έδήλωσεν ότι ή συμφωνία άποτελεί σημαντικόν βήμα.

Έκ τών όλίγων έπιφυλακτικών χωρών, ή Δυτική Γερμανία έδήλωσεν ότι θά έξετάση τό ζήτημα προσεκτικώς πρίν ή λάβη άπόφασιν. Τριάκοντα καί πλέον χώραι άνεκοίνωσαν ότι θά προσυπογράψουν τήν συμφωνίαν διά τήν άπαγόρευσιν τών πυρηνικών δοκιμών.

ΔΗΛΩΣΙΣ ΧΙΟΥΜ

Ό Βρεταννός ύπουργός τών Έξωτερικών λόρδος Χιούμ έτόνισεν ότι ή συμφωνία είναι άπόδειξις καλής θελήσεως.

Έκ τών όλίγων έπιφυλακτικών χωρών, ή Δυτική Γερμανία έδήλωσεν ότι θά έξετάση τό ζήτημα προσεκτικώς πρίν ή λάβη άπόφασιν. Τριάκοντα καί πλέον χώραι άνεκοίνωσαν ότι θά προσυπογράψουν τήν συμφωνίαν διά τήν άπαγόρευσιν τών πυρηνικών δοκιμών.

Ό Σοβιετικός ύπουργός τών Έξωτερικών κ. Γκρομύκο έδήλωσεν ότι ή συμφωνία άποτελεί σημαντικόν βήμα.

Ο κ. ΟΥ ΘΑΝΤ

Ό Γενικός Γραμματεύς τού ΟΗΕ κ. Ού Θάντ έχαιρέτισε τήν ύπογραφήν τής συμφωνίας.

Έκ τών όλίγων έπιφυλακτικών χωρών, ή Δυτική Γερμανία έδήλωσεν ότι θά έξετάση τό ζήτημα προσεκτικώς πρίν ή λάβη άπόφασιν. Τριάκοντα καί πλέον χώραι άνεκοίνωσαν ότι θά προσυπογράψουν τήν συμφωνίαν διά τήν άπαγόρευσιν τών πυρηνικών δοκιμών.

Ό Βρεταννός ύπουργός τών Έξωτερικών λόρδος Χιούμ έτόνισεν ότι ή συμφωνία είναι άπόδειξις καλής θελήσεως.

ΠΡΟΣΧΩΡΕΙ ΚΑΙ Η ΕΛΛΑΣ

ΑΘΗΝΑΙ, 5. — Ή κυβέρνησις άπεφάσισε νά προσχωρήση εις τήν συμφωνίαν.

Έκ τών όλίγων έπιφυλακτικών χωρών, ή Δυτική Γερμανία έδήλωσεν ότι θά έξετάση τό ζήτημα προσεκτικώς πρίν ή λάβη άπόφασιν. Τριάκοντα καί πλέον χώραι άνεκοίνωσαν ότι θά προσυπογράψουν τήν συμφωνίαν διά τήν άπαγόρευσιν τών πυρηνικών δοκιμών.

Η ΣΤΑΣΙΣ ΤΗΣ ΒΟΝΝΗΣ

ΒΟΝΝΗ, 5. — Ή Δυτική Γερμανία έξετάζει τάς συνεπείας τής συμφωνίας.

Έκ τών όλίγων έπιφυλακτικών χωρών, ή Δυτική Γερμανία έδήλωσεν ότι θά έξετάση τό ζήτημα προσεκτικώς πρίν ή λάβη άπόφασιν. Τριάκοντα καί πλέον χώραι άνεκοίνωσαν ότι θά προσυπογράψουν τήν συμφωνίαν διά τήν άπαγόρευσιν τών πυρηνικών δοκιμών.

ΠΟΙΑΙ ΧΩΡΑΙ ΘΑ ΥΠΟΓΡΑΨΟΥΝ

ΜΟΣΧΑ, 5. (Άσ. Πρές). — Αί κάτωθι χώραι έδήλωσαν ότι θά ύπογράψουν τήν συμφωνίαν.

Έκ τών όλίγων έπιφυλακτικών χωρών, ή Δυτική Γερμανία έδήλωσεν ότι θά έξετάση τό ζήτημα προσεκτικώς πρίν ή λάβη άπόφασιν. Τριάκοντα καί πλέον χώραι άνεκοίνωσαν ότι θά προσυπογράψουν τήν συμφωνίαν διά τήν άπαγόρευσιν τών πυρηνικών δοκιμών.

Ό Σοβιετικός ύπουργός τών Έξωτερικών κ. Γκρομύκο έδήλωσεν ότι ή συμφωνία άποτελεί σημαντικόν βήμα.

Ο ΛΟΓΟΣ ΤΟΥ κ. ΚΡΟΥΣΤΣΕΦ

Ό κ. Κρούστσεφ έτόνισεν ότι ή συμφωνία άνοίγει νέας προοπτικάς.

Έκ τών όλίγων έπιφυλακτικών χωρών, ή Δυτική Γερμανία έδήλωσεν ότι θά έξετάση τό ζήτημα προσεκτικώς πρίν ή λάβη άπόφασιν. Τριάκοντα καί πλέον χώραι άνεκοίνωσαν ότι θά προσυπογράψουν τήν συμφωνίαν διά τήν άπαγόρευσιν τών πυρηνικών δοκιμών.

Ό Βρεταννός ύπουργός τών Έξωτερικών λόρδος Χιούμ έτόνισεν ότι ή συμφωνία είναι άπόδειξις καλής θελήσεως.

Έκ τών όλίγων έπιφυλακτικών χωρών, ή Δυτική Γερμανία έδήλωσεν ότι θά έξετάση τό ζήτημα προσεκτικώς πρίν ή λάβη άπόφασιν. Τριάκοντα καί πλέον χώραι άνεκοίνωσαν ότι θά προσυπογράψουν τήν συμφωνίαν διά τήν άπαγόρευσιν τών πυρηνικών δοκιμών.

ΑΘΗΝΑΙ, 5. — Ή κυβέρνησις άπεφάσισε νά προσχωρήση εις τήν συμφωνίαν.

Έκ τών όλίγων έπιφυλακτικών χωρών, ή Δυτική Γερμανία έδήλωσεν ότι θά έξετάση τό ζήτημα προσεκτικώς πρίν ή λάβη άπόφασιν. Τριάκοντα καί πλέον χώραι άνεκοίνωσαν ότι θά προσυπογράψουν τήν συμφωνίαν διά τήν άπαγόρευσιν τών πυρηνικών δοκιμών.

Ό Σοβιετικός ύπουργός τών Έξωτερικών κ. Γκρομύκο έδήλωσεν ότι ή συμφωνία άποτελεί σημαντικόν βήμα.

Έκ τών όλίγων έπιφυλακτικών χωρών, ή Δυτική Γερμανία έδήλωσεν ότι θά έξετάση τό ζήτημα προσεκτικώς πρίν ή λάβη άπόφασιν. Τριάκοντα καί πλέον χώραι άνεκοίνωσαν ότι θά προσυπογράψουν τήν συμφωνίαν διά τήν άπαγόρευσιν τών πυρηνικών δοκιμών.

Ό Γενικός Γραμματεύς τού ΟΗΕ κ. Ού Θάντ έχαιρέτισε τήν ύπογραφήν τής συμφωνίας.

Έκ τών όλίγων έπιφυλακτικών χωρών, ή Δυτική Γερμανία έδήλωσεν ότι θά έξετάση τό ζήτημα προσεκτικώς πρίν ή λάβη άπόφασιν. Τριάκοντα καί πλέον χώραι άνεκοίνωσαν ότι θά προσυπογράψουν τήν συμφωνίαν διά τήν άπαγόρευσιν τών πυρηνικών δοκιμών.
